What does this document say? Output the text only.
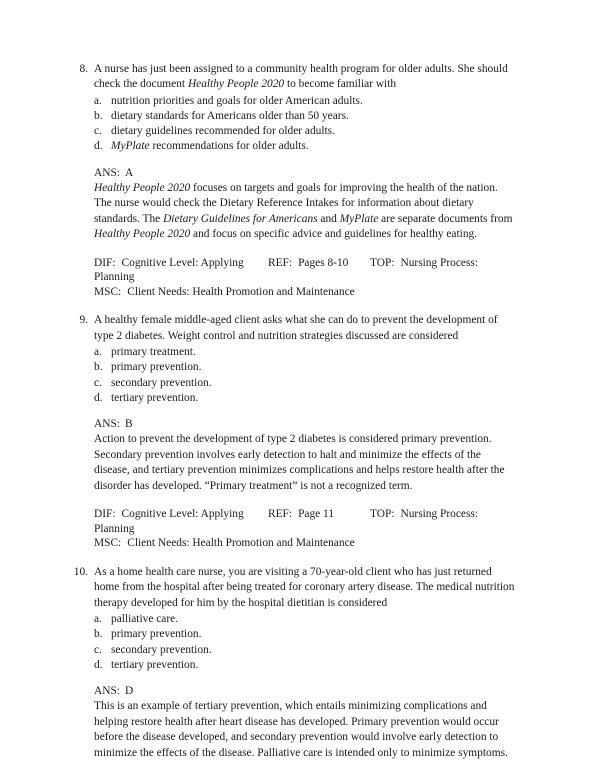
8. A nurse has just been assigned to a community health program for older adults. She should check the document Healthy People 2020 to become familiar with
a. nutrition priorities and goals for older American adults.
b. dietary standards for Americans older than 50 years.
c. dietary guidelines recommended for older adults.
d. MyPlate recommendations for older adults.
ANS: A
Healthy People 2020 focuses on targets and goals for improving the health of the nation. The nurse would check the Dietary Reference Intakes for information about dietary standards. The Dietary Guidelines for Americans and MyPlate are separate documents from Healthy People 2020 and focus on specific advice and guidelines for healthy eating.
DIF: Cognitive Level: Applying REF: Pages 8-10 TOP: Nursing Process:
Planning
MSC: Client Needs: Health Promotion and Maintenance
9. A healthy female middle-aged client asks what she can do to prevent the development of type 2 diabetes. Weight control and nutrition strategies discussed are considered
a. primary treatment.
b. primary prevention.
c. secondary prevention.
d. tertiary prevention.
ANS: B
Action to prevent the development of type 2 diabetes is considered primary prevention. Secondary prevention involves early detection to halt and minimize the effects of the disease, and tertiary prevention minimizes complications and helps restore health after the disorder has developed. “Primary treatment” is not a recognized term.
DIF: Cognitive Level: Applying REF: Page 11	TOP: Nursing Process:
Planning
MSC: Client Needs: Health Promotion and Maintenance
10. As a home health care nurse, you are visiting a 70-year-old client who has just returned home from the hospital after being treated for coronary artery disease. The medical nutrition therapy developed for him by the hospital dietitian is considered
a. palliative care.
b. primary prevention.
c. secondary prevention.
d. tertiary prevention.
ANS: D
This is an example of tertiary prevention, which entails minimizing complications and helping restore health after heart disease has developed. Primary prevention would occur before the disease developed, and secondary prevention would involve early detection to minimize the effects of the disease. Palliative care is intended only to minimize symptoms.
